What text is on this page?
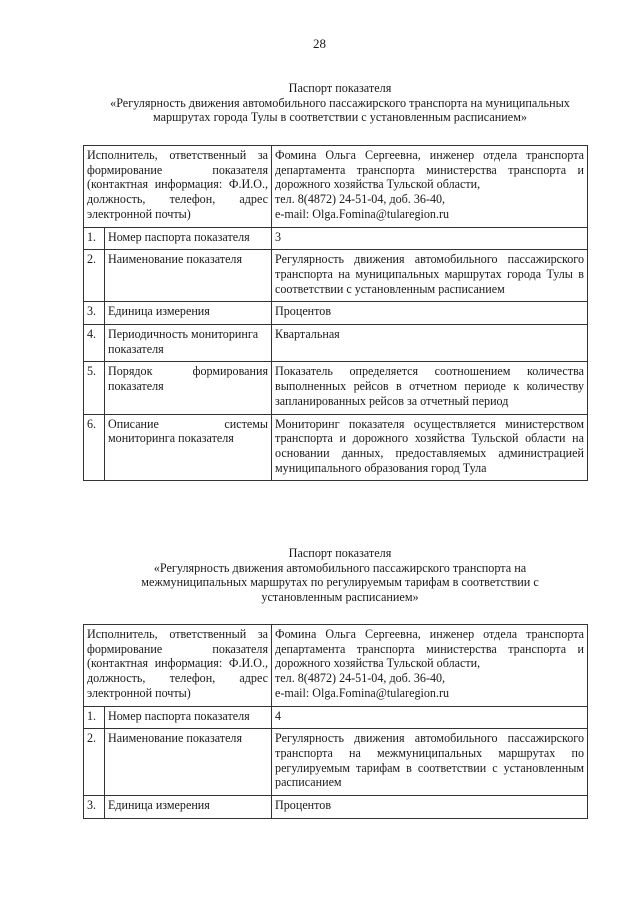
28
Паспорт показателя
«Регулярность движения автомобильного пассажирского транспорта на муниципальных
маршрутах города Тулы в соответствии с установленным расписанием»
Исполнитель, ответственный за формирование показателя (контактная информация: Ф.И.О., должность, телефон, адрес электронной почты)		Фомина Ольга Сергеевна, инженер отдела транспорта департамента транспорта министерства транспорта и дорожного хозяйства Тульской области,
тел. 8(4872) 24-51-04, доб. 36-40,
e-mail: Olga.Fomina@tularegion.ru

1.	Номер паспорта показателя	3
2.	Наименование показателя	Регулярность движения автомобильного пассажирского транспорта на муниципальных маршрутах города Тулы в соответствии с установленным расписанием
3.	Единица измерения	Процентов
4.	Периодичность мониторинга показателя	Квартальная
5.	Порядок формирования показателя	Показатель определяется соотношением количества выполненных рейсов в отчетном периоде к количеству запланированных рейсов за отчетный период
6.	Описание системы мониторинга показателя	Мониторинг показателя осуществляется министерством транспорта и дорожного хозяйства Тульской области на основании данных, предоставляемых администрацией муниципального образования город Тула
Паспорт показателя
«Регулярность движения автомобильного пассажирского транспорта на
межмуниципальных маршрутах по регулируемым тарифам в соответствии с
установленным расписанием»
Исполнитель, ответственный за формирование показателя (контактная информация: Ф.И.О., должность, телефон, адрес электронной почты)		Фомина Ольга Сергеевна, инженер отдела транспорта департамента транспорта министерства транспорта и дорожного хозяйства Тульской области,
тел. 8(4872) 24-51-04, доб. 36-40,
e-mail: Olga.Fomina@tularegion.ru

1.	Номер паспорта показателя	4
2.	Наименование показателя	Регулярность движения автомобильного пассажирского транспорта на межмуниципальных маршрутах по регулируемым тарифам в соответствии с установленным расписанием
3.	Единица измерения	Процентов
